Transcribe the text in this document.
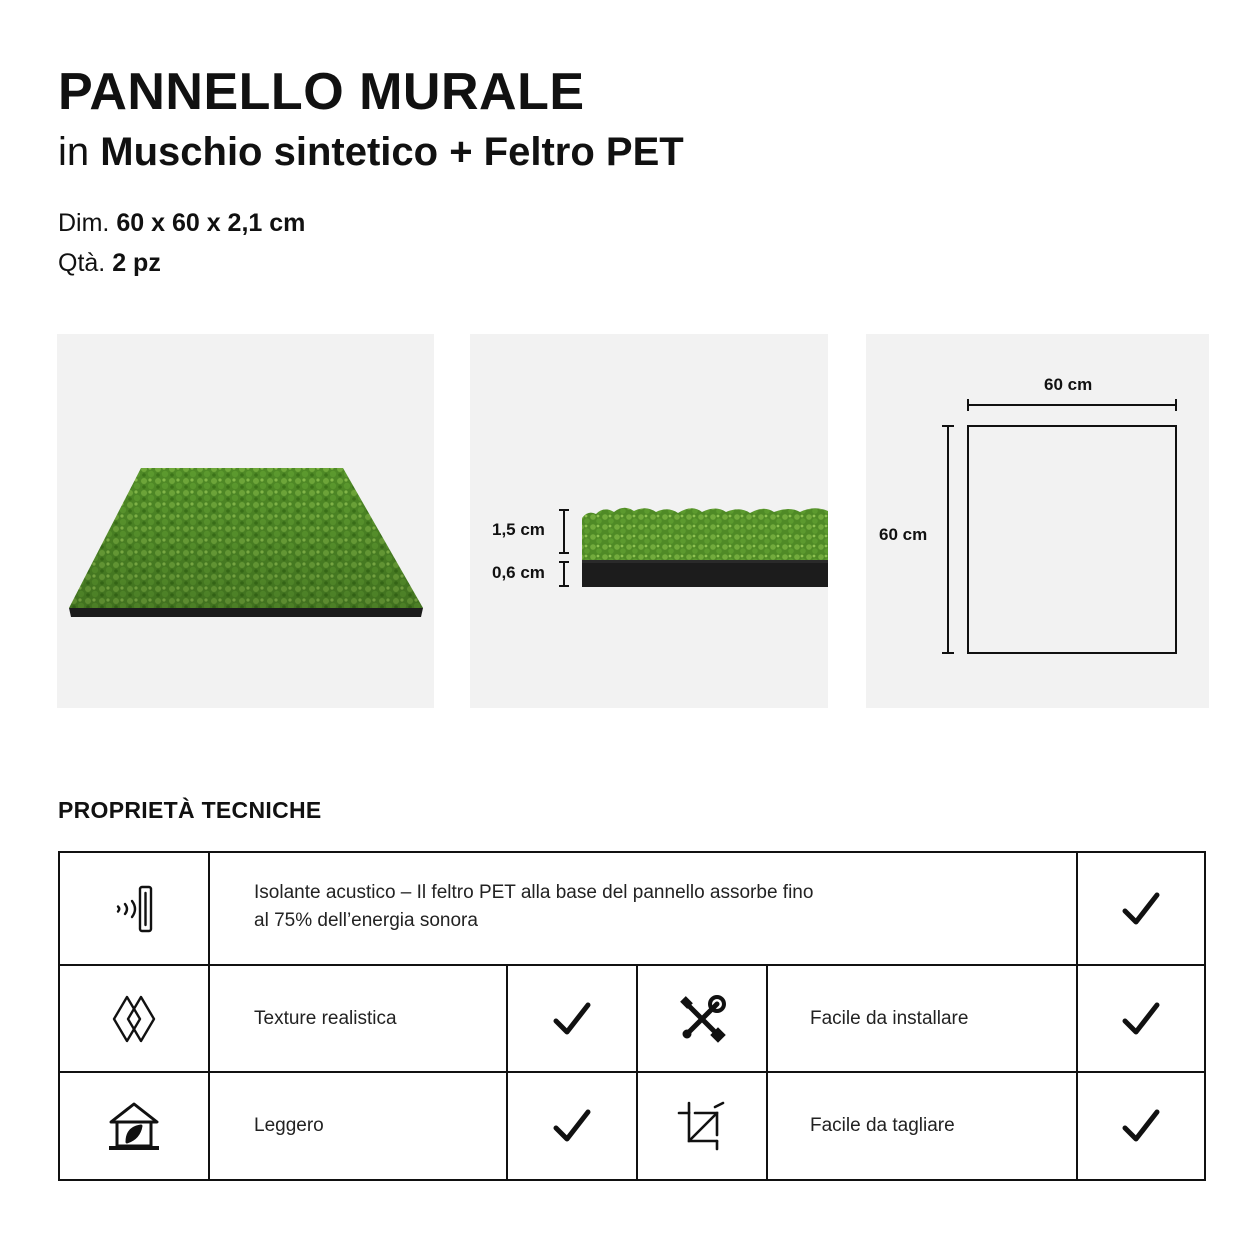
PANNELLO MURALE
in Muschio sintetico + Feltro PET
Dim. 60 x 60 x 2,1 cm
Qtà. 2 pz
1,5 cm
0,6 cm
60 cm
60 cm
PROPRIETÀ TECNICHE
Isolante acustico – Il feltro PET alla base del pannello assorbe fino
al 75% dell’energia sonora
Texture realistica	Facile da installare
Leggero	Facile da tagliare
